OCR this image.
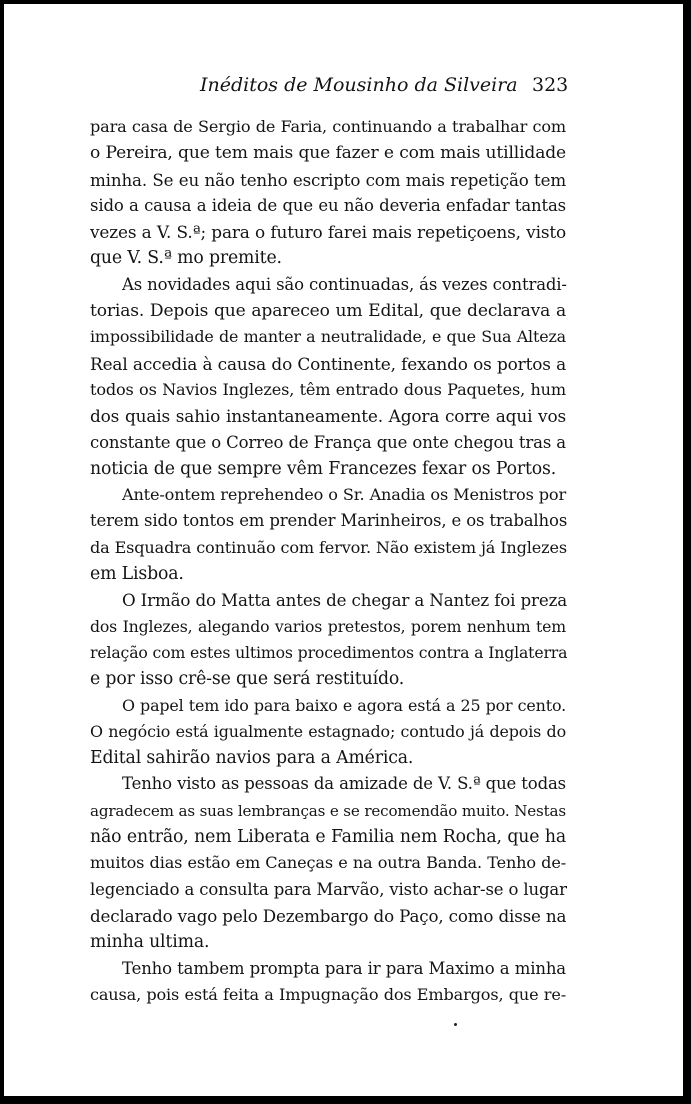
Inéditos de Mousinho da Silveira 323
para casa de Sergio de Faria, continuando a trabalhar com
o Pereira, que tem mais que fazer e com mais utillidade
minha. Se eu não tenho escripto com mais repetição tem
sido a causa a ideia de que eu não deveria enfadar tantas
vezes a V. S.ª; para o futuro farei mais repetiçoens, visto
que V. S.ª mo premite.
As novidades aqui são continuadas, ás vezes contradi-
torias. Depois que apareceo um Edital, que declarava a
impossibilidade de manter a neutralidade, e que Sua Alteza
Real accedia à causa do Continente, fexando os portos a
todos os Navios Inglezes, têm entrado dous Paquetes, hum
dos quais sahio instantaneamente. Agora corre aqui vos
constante que o Correo de França que onte chegou tras a
noticia de que sempre vêm Francezes fexar os Portos.
Ante-ontem reprehendeo o Sr. Anadia os Menistros por
terem sido tontos em prender Marinheiros, e os trabalhos
da Esquadra continuão com fervor. Não existem já Inglezes
em Lisboa.
O Irmão do Matta antes de chegar a Nantez foi preza
dos Inglezes, alegando varios pretestos, porem nenhum tem
relação com estes ultimos procedimentos contra a Inglaterra
e por isso crê-se que será restituído.
O papel tem ido para baixo e agora está a 25 por cento.
O negócio está igualmente estagnado; contudo já depois do
Edital sahirão navios para a América.
Tenho visto as pessoas da amizade de V. S.ª que todas
agradecem as suas lembranças e se recomendão muito. Nestas
não entrão, nem Liberata e Familia nem Rocha, que ha
muitos dias estão em Caneças e na outra Banda. Tenho de-
legenciado a consulta para Marvão, visto achar-se o lugar
declarado vago pelo Dezembargo do Paço, como disse na
minha ultima.
Tenho tambem prompta para ir para Maximo a minha
causa, pois está feita a Impugnação dos Embargos, que re-
